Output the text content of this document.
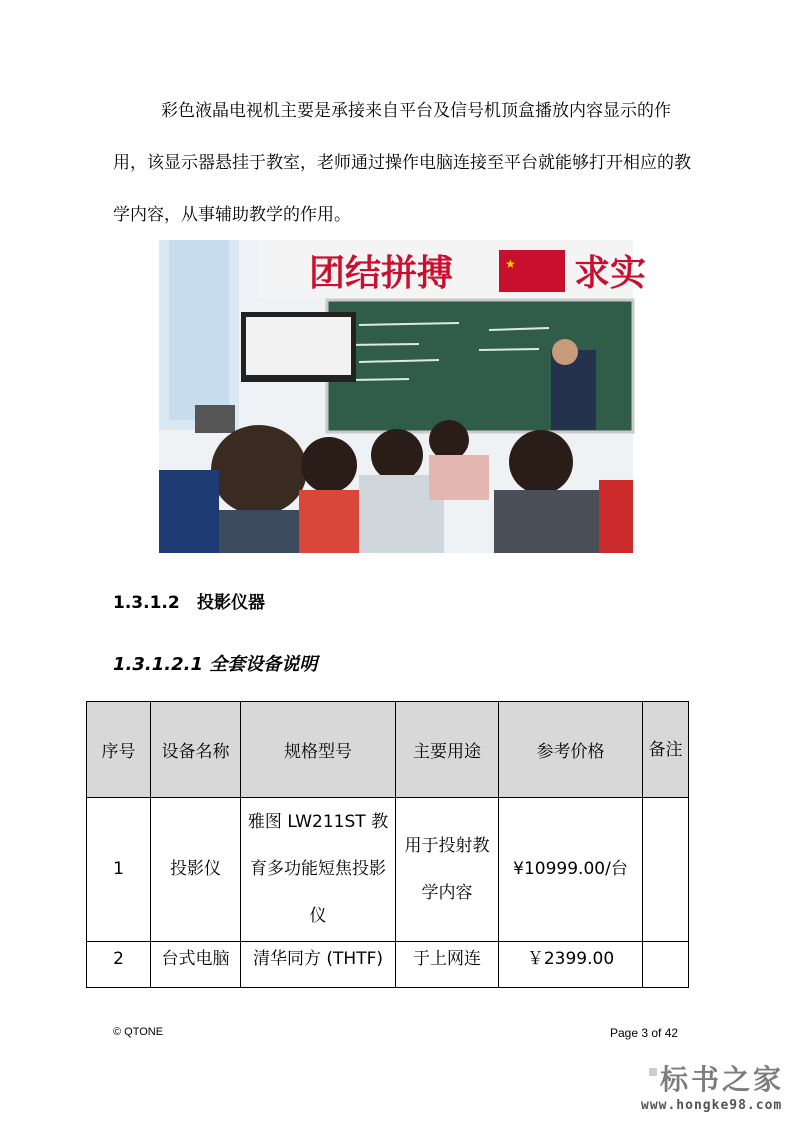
彩色液晶电视机主要是承接来自平台及信号机顶盒播放内容显示的作用，该显示器悬挂于教室，老师通过操作电脑连接至平台就能够打开相应的教学内容，从事辅助教学的作用。

团结拼搏	★ 求实
1.3.1.2 投影仪器
1.3.1.2.1 全套设备说明
序号	设备名称	规格型号	主要用途	参考价格	备注
1	投影仪	雅图 LW211ST 教育多功能短焦投影仪	用于投射教学内容	¥10999.00/台	
2	台式电脑	清华同方 (THTF)	于上网连	￥2399.00	
© QTONE	Page 3 of 42
标书之家
www.hongke98.com
